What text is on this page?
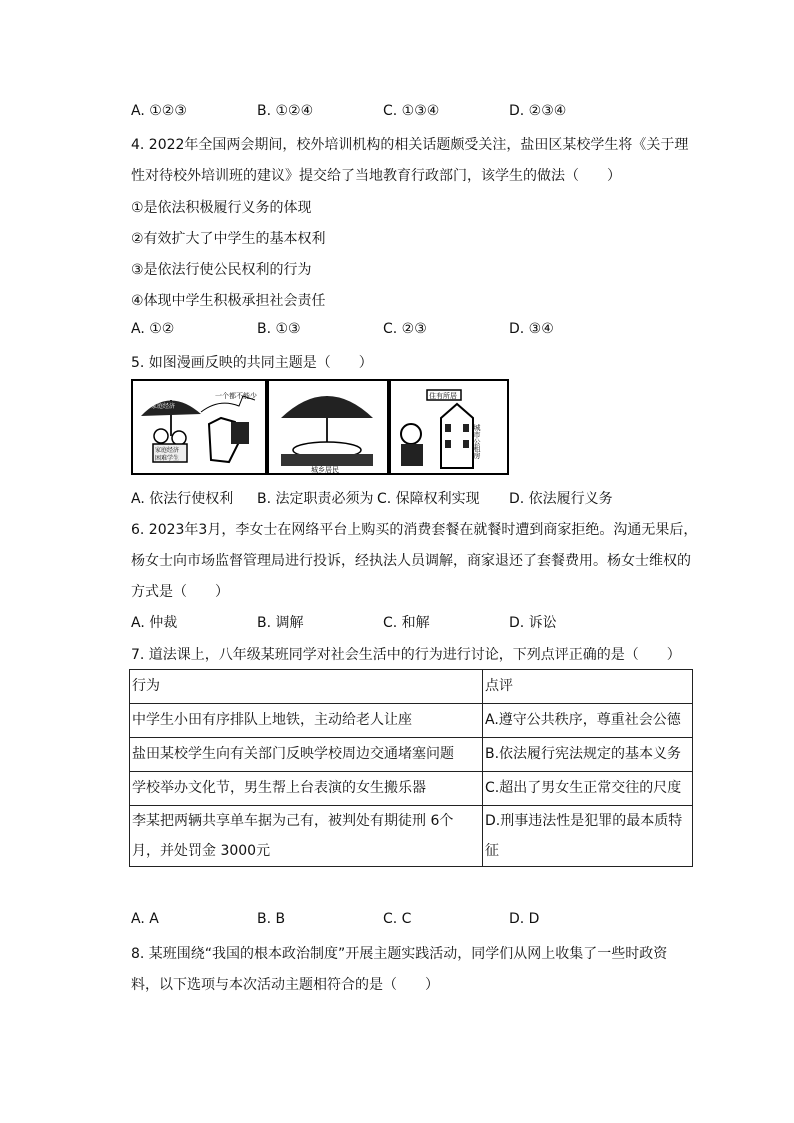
A. ①②③	B. ①②④	C. ①③④	D. ②③④
4. 2022年全国两会期间，校外培训机构的相关话题颇受关注，盐田区某校学生将《关于理
性对待校外培训班的建议》提交给了当地教育行政部门，该学生的做法（　　）
①是依法积极履行义务的体现
②有效扩大了中学生的基本权利
③是依法行使公民权利的行为
④体现中学生积极承担社会责任
A. ①②	B. ①③	C. ②③	D. ③④
5. 如图漫画反映的共同主题是（　　）
家庭经济
家庭经济困难学生
一个都不能少
城乡居民
住有所居
城市公租房
A. 依法行使权利 B. 法定职责必须为 C. 保障权利实现 D. 依法履行义务
6. 2023年3月，李女士在网络平台上购买的消费套餐在就餐时遭到商家拒绝。沟通无果后，
杨女士向市场监督管理局进行投诉，经执法人员调解，商家退还了套餐费用。杨女士维权的
方式是（　　）
A. 仲裁	B. 调解	C. 和解	D. 诉讼
7. 道法课上，八年级某班同学对社会生活中的行为进行讨论，下列点评正确的是（　　）
行为	点评
中学生小田有序排队上地铁，主动给老人让座	A.遵守公共秩序，尊重社会公德
盐田某校学生向有关部门反映学校周边交通堵塞问题	B.依法履行宪法规定的基本义务
学校举办文化节，男生帮上台表演的女生搬乐器	C.超出了男女生正常交往的尺度
李某把两辆共享单车据为己有，被判处有期徒刑 6个月，并处罚金 3000元	D.刑事违法性是犯罪的最本质特征
A. A	B. B	C. C	D. D
8. 某班围绕“我国的根本政治制度”开展主题实践活动，同学们从网上收集了一些时政资
料，以下选项与本次活动主题相符合的是（　　）
